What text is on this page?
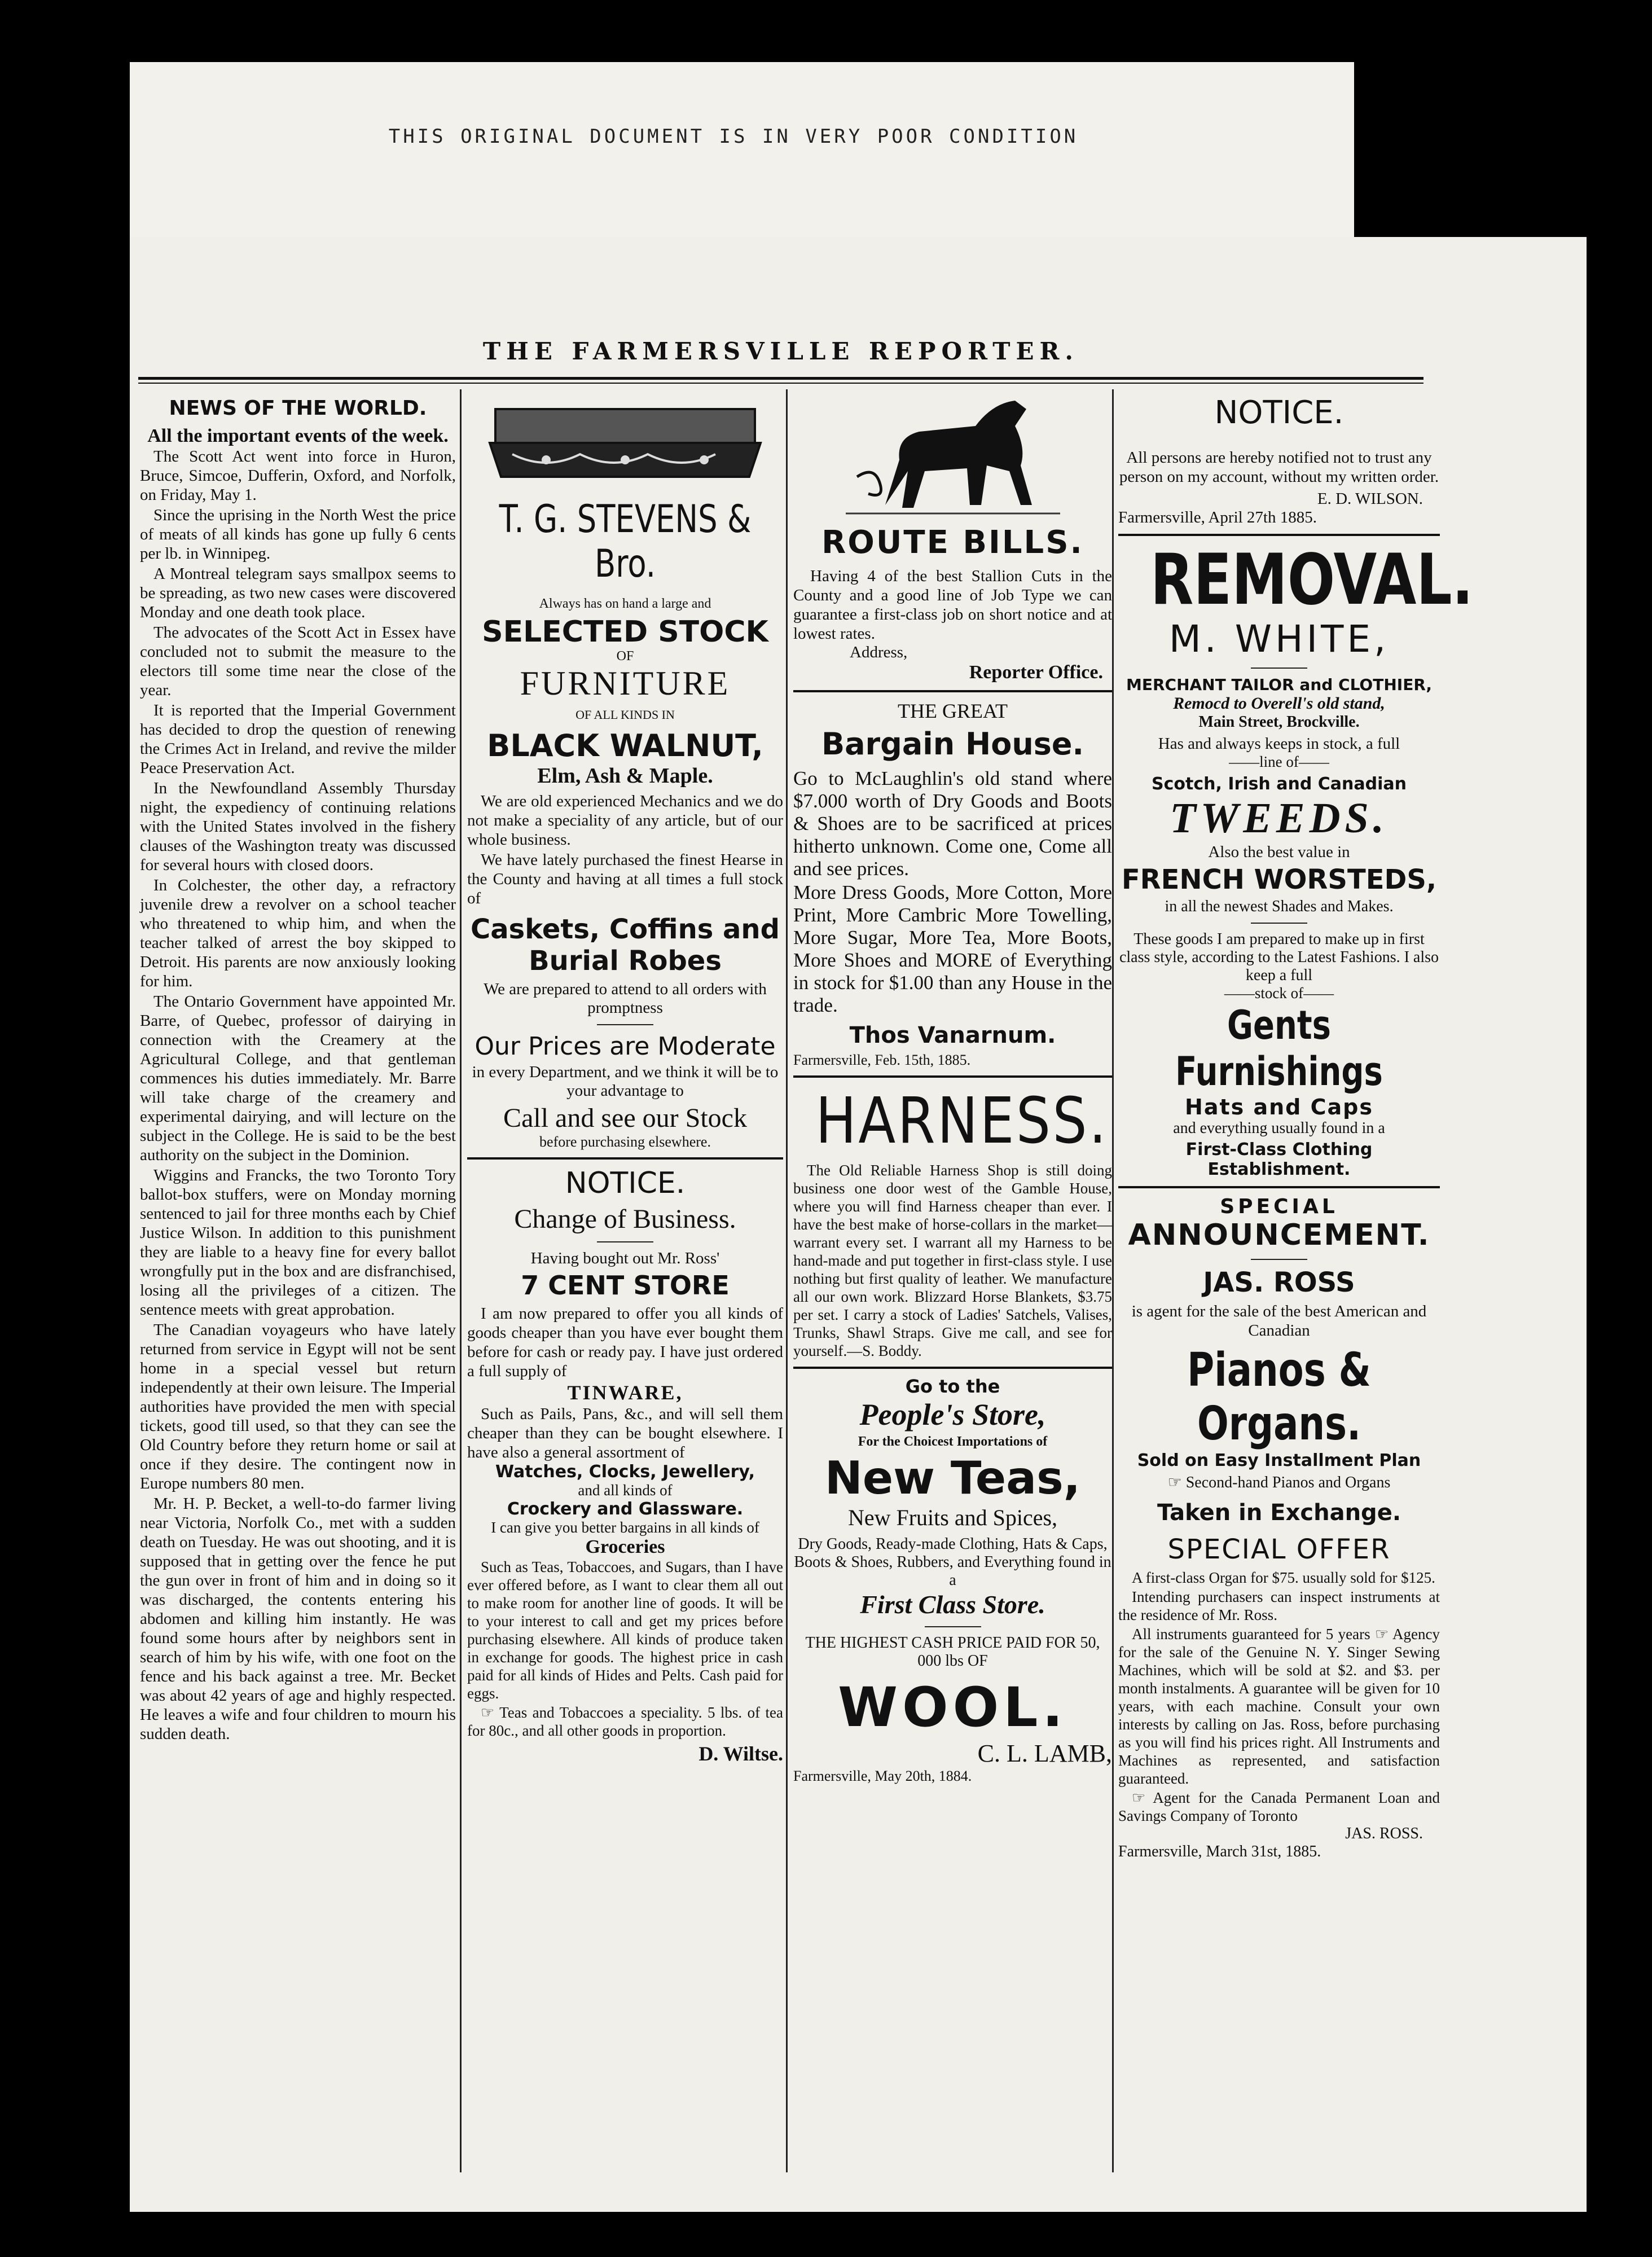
THIS ORIGINAL DOCUMENT IS IN VERY POOR CONDITION
THE FARMERSVILLE REPORTER.

NEWS OF THE WORLD.

All the important events of the week.

The Scott Act went into force in Huron, Bruce, Simcoe, Dufferin, Oxford, and Norfolk, on Friday, May 1.

Since the uprising in the North West the price of meats of all kinds has gone up fully 6 cents per lb. in Winnipeg.

A Montreal telegram says smallpox seems to be spreading, as two new cases were discovered Monday and one death took place.

The advocates of the Scott Act in Essex have concluded not to submit the measure to the electors till some time near the close of the year.

It is reported that the Imperial Government has decided to drop the question of renewing the Crimes Act in Ireland, and revive the milder Peace Preservation Act.

In the Newfoundland Assembly Thursday night, the expediency of continuing relations with the United States involved in the fishery clauses of the Washington treaty was discussed for several hours with closed doors.

In Colchester, the other day, a refractory juvenile drew a revolver on a school teacher who threatened to whip him, and when the teacher talked of arrest the boy skipped to Detroit. His parents are now anxiously looking for him.

The Ontario Government have appointed Mr. Barre, of Quebec, professor of dairying in connection with the Creamery at the Agricultural College, and that gentleman commences his duties immediately. Mr. Barre will take charge of the creamery and experimental dairying, and will lecture on the subject in the College. He is said to be the best authority on the subject in the Dominion.

Wiggins and Francks, the two Toronto Tory ballot-box stuffers, were on Monday morning sentenced to jail for three months each by Chief Justice Wilson. In addition to this punishment they are liable to a heavy fine for every ballot wrongfully put in the box and are disfranchised, losing all the privileges of a citizen. The sentence meets with great approbation.

The Canadian voyageurs who have lately returned from service in Egypt will not be sent home in a special vessel but return independently at their own leisure. The Imperial authorities have provided the men with special tickets, good till used, so that they can see the Old Country before they return home or sail at once if they desire. The contingent now in Europe numbers 80 men.

Mr. H. P. Becket, a well-to-do farmer living near Victoria, Norfolk Co., met with a sudden death on Tuesday. He was out shooting, and it is supposed that in getting over the fence he put the gun over in front of him and in doing so it was discharged, the contents entering his abdomen and killing him instantly. He was found some hours after by neighbors sent in search of him by his wife, with one foot on the fence and his back against a tree. Mr. Becket was about 42 years of age and highly respected. He leaves a wife and four children to mourn his sudden death.

T. G. STEVENS & Bro.

Always has on hand a large and

SELECTED STOCK

OF

FURNITURE

OF ALL KINDS IN

BLACK WALNUT,

Elm, Ash & Maple.

We are old experienced Mechanics and we do not make a speciality of any article, but of our whole business.

We have lately purchased the finest Hearse in the County and having at all times a full stock of

Caskets, Coffins and

Burial Robes

We are prepared to attend to all orders with promptness

Our Prices are Moderate

in every Department, and we think it will be to your advantage to

Call and see our Stock

before purchasing elsewhere.

NOTICE.

Change of Business.

Having bought out Mr. Ross'

7 CENT STORE

I am now prepared to offer you all kinds of goods cheaper than you have ever bought them before for cash or ready pay. I have just ordered a full supply of

TINWARE,

Such as Pails, Pans, &c., and will sell them cheaper than they can be bought elsewhere. I have also a general assortment of

Watches, Clocks, Jewellery,

and all kinds of

Crockery and Glassware.

I can give you better bargains in all kinds of

Groceries

Such as Teas, Tobaccoes, and Sugars, than I have ever offered before, as I want to clear them all out to make room for another line of goods. It will be to your interest to call and get my prices before purchasing elsewhere. All kinds of produce taken in exchange for goods. The highest price in cash paid for all kinds of Hides and Pelts. Cash paid for eggs.

☞ Teas and Tobaccoes a speciality. 5 lbs. of tea for 80c., and all other goods in proportion.

D. Wiltse.

ROUTE BILLS.

Having 4 of the best Stallion Cuts in the County and a good line of Job Type we can guarantee a first-class job on short notice and at lowest rates.

Address,

Reporter Office.

THE GREAT

Bargain House.

Go to McLaughlin's old stand where $7.000 worth of Dry Goods and Boots & Shoes are to be sacrificed at prices hitherto unknown. Come one, Come all and see prices.

More Dress Goods, More Cotton, More Print, More Cambric More Towelling, More Sugar, More Tea, More Boots, More Shoes and MORE of Everything in stock for $1.00 than any House in the trade.

Thos Vanarnum.

Farmersville, Feb. 15th, 1885.

HARNESS.

The Old Reliable Harness Shop is still doing business one door west of the Gamble House, where you will find Harness cheaper than ever. I have the best make of horse-collars in the market—warrant every set. I warrant all my Harness to be hand-made and put together in first-class style. I use nothing but first quality of leather. We manufacture all our own work. Blizzard Horse Blankets, $3.75 per set. I carry a stock of Ladies' Satchels, Valises, Trunks, Shawl Straps. Give me call, and see for yourself.—S. Boddy.

Go to the

People's Store,

For the Choicest Importations of

New Teas,

New Fruits and Spices,

Dry Goods, Ready-made Clothing, Hats & Caps, Boots & Shoes, Rubbers, and Everything found in a

First Class Store.

THE HIGHEST CASH PRICE PAID FOR 50, 000 lbs OF

WOOL.

C. L. LAMB,

Farmersville, May 20th, 1884.

NOTICE.

All persons are hereby notified not to trust any person on my account, without my written order.

E. D. WILSON.

Farmersville, April 27th 1885.

REMOVAL.

M. WHITE,

MERCHANT TAILOR and CLOTHIER,

Remocd to Overell's old stand,

Main Street, Brockville.

Has and always keeps in stock, a full

——line of——

Scotch, Irish and Canadian

TWEEDS.

Also the best value in

FRENCH WORSTEDS,

in all the newest Shades and Makes.

These goods I am prepared to make up in first class style, according to the Latest Fashions. I also keep a full

——stock of——

Gents Furnishings

Hats and Caps

and everything usually found in a

First-Class Clothing Establishment.

SPECIAL

ANNOUNCEMENT.

JAS. ROSS

is agent for the sale of the best American and Canadian

Pianos & Organs.

Sold on Easy Installment Plan

☞ Second-hand Pianos and Organs

Taken in Exchange.

SPECIAL OFFER

A first-class Organ for $75. usually sold for $125.

Intending purchasers can inspect instruments at the residence of Mr. Ross.

All instruments guaranteed for 5 years ☞ Agency for the sale of the Genuine N. Y. Singer Sewing Machines, which will be sold at $2. and $3. per month instalments. A guarantee will be given for 10 years, with each machine. Consult your own interests by calling on Jas. Ross, before purchasing as you will find his prices right. All Instruments and Machines as represented, and satisfaction guaranteed.

☞ Agent for the Canada Permanent Loan and Savings Company of Toronto

JAS. ROSS.

Farmersville, March 31st, 1885.
